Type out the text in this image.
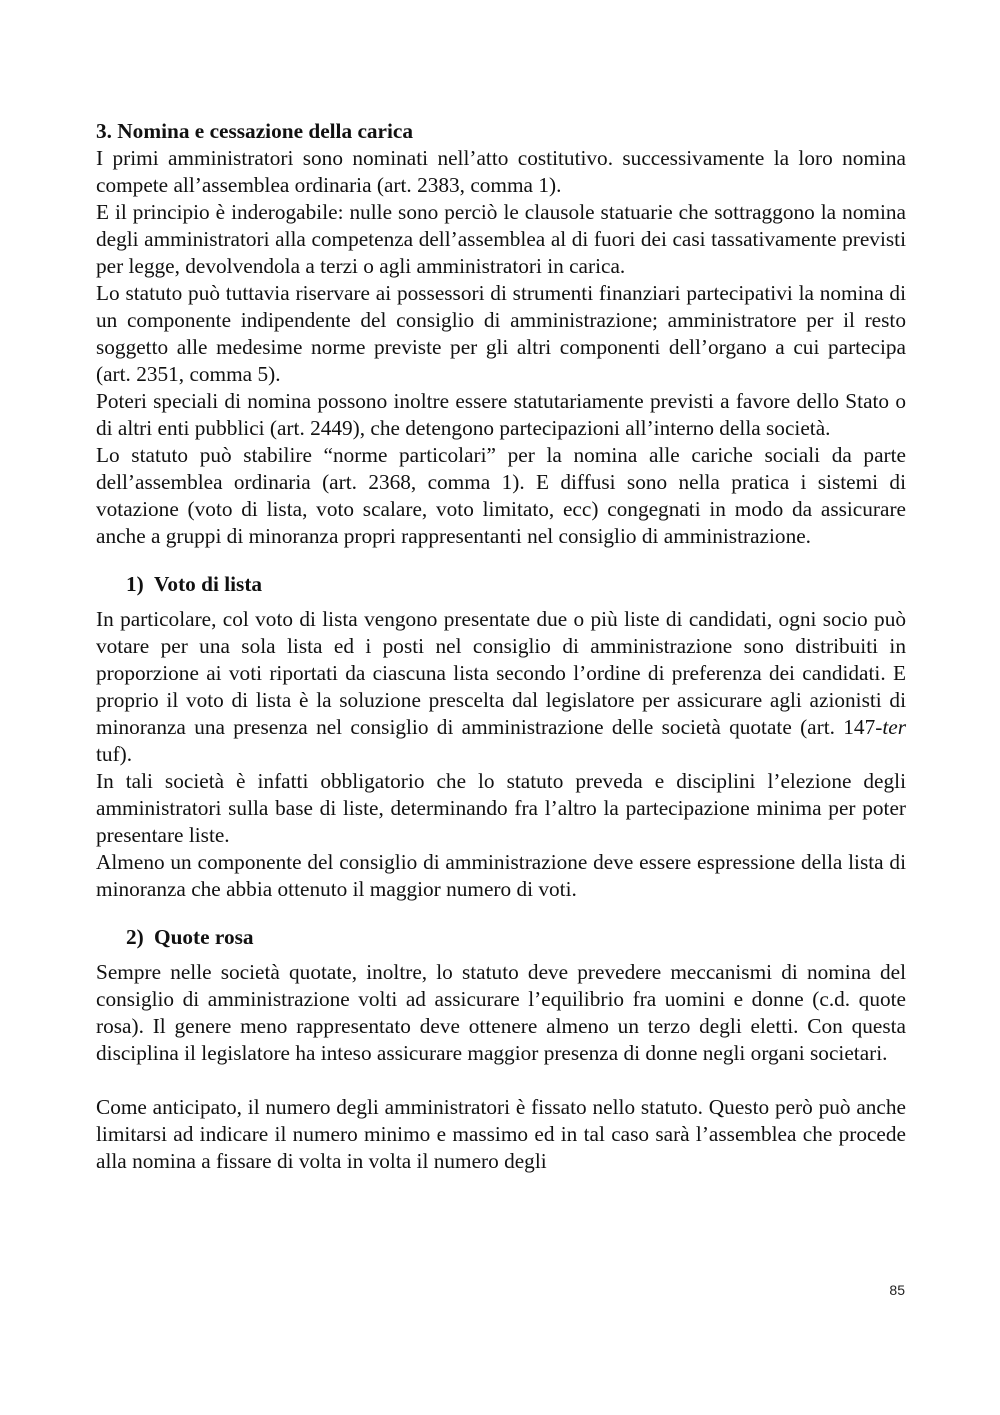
3. Nomina e cessazione della carica

I primi amministratori sono nominati nell’atto costitutivo. successivamente la loro nomina compete all’assemblea ordinaria (art. 2383, comma 1).

E il principio è inderogabile: nulle sono perciò le clausole statuarie che sottraggono la nomina degli amministratori alla competenza dell’assemblea al di fuori dei casi tassativamente previsti per legge, devolvendola a terzi o agli amministratori in carica.

Lo statuto può tuttavia riservare ai possessori di strumenti finanziari partecipativi la nomina di un componente indipendente del consiglio di amministrazione; amministratore per il resto soggetto alle medesime norme previste per gli altri componenti dell’organo a cui partecipa (art. 2351, comma 5).

Poteri speciali di nomina possono inoltre essere statutariamente previsti a favore dello Stato o di altri enti pubblici (art. 2449), che detengono partecipazioni all’interno della società.

Lo statuto può stabilire “norme particolari” per la nomina alle cariche sociali da parte dell’assemblea ordinaria (art. 2368, comma 1). E diffusi sono nella pratica i sistemi di votazione (voto di lista, voto scalare, voto limitato, ecc) congegnati in modo da assicurare anche a gruppi di minoranza propri rappresentanti nel consiglio di amministrazione.

1) Voto di lista

In particolare, col voto di lista vengono presentate due o più liste di candidati, ogni socio può votare per una sola lista ed i posti nel consiglio di amministrazione sono distribuiti in proporzione ai voti riportati da ciascuna lista secondo l’ordine di preferenza dei candidati. E proprio il voto di lista è la soluzione prescelta dal legislatore per assicurare agli azionisti di minoranza una presenza nel consiglio di amministrazione delle società quotate (art. 147-ter tuf).

In tali società è infatti obbligatorio che lo statuto preveda e disciplini l’elezione degli amministratori sulla base di liste, determinando fra l’altro la partecipazione minima per poter presentare liste.

Almeno un componente del consiglio di amministrazione deve essere espressione della lista di minoranza che abbia ottenuto il maggior numero di voti.

2) Quote rosa

Sempre nelle società quotate, inoltre, lo statuto deve prevedere meccanismi di nomina del consiglio di amministrazione volti ad assicurare l’equilibrio fra uomini e donne (c.d. quote rosa). Il genere meno rappresentato deve ottenere almeno un terzo degli eletti. Con questa disciplina il legislatore ha inteso assicurare maggior presenza di donne negli organi societari.

Come anticipato, il numero degli amministratori è fissato nello statuto. Questo però può anche limitarsi ad indicare il numero minimo e massimo ed in tal caso sarà l’assemblea che procede alla nomina a fissare di volta in volta il numero degli

85
